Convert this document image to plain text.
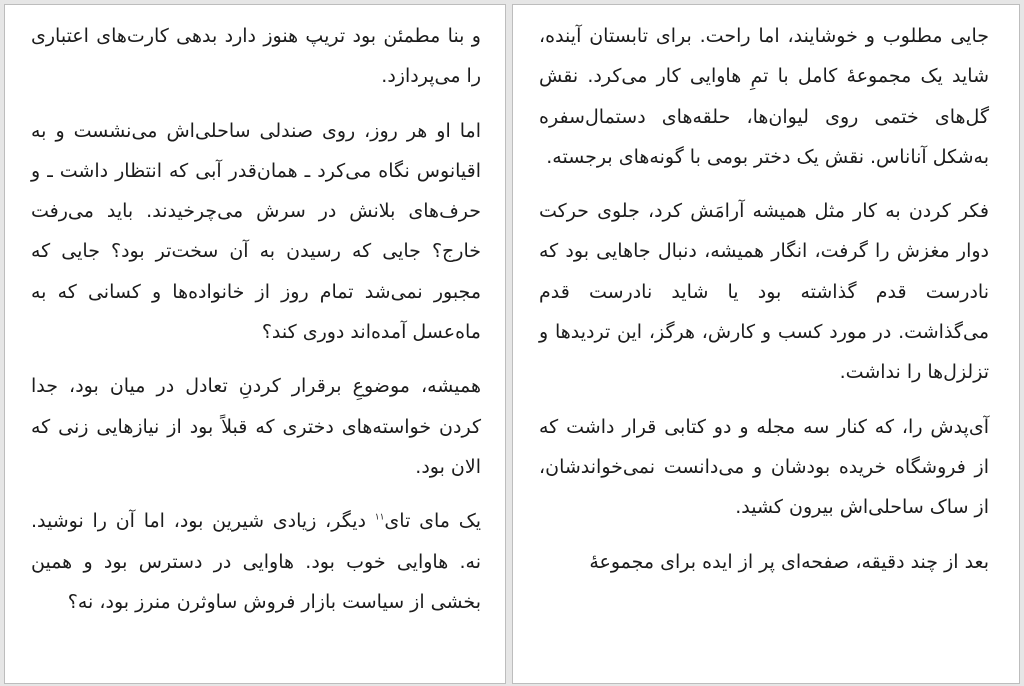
و بنا مطمئن بود تریپ هنوز دارد بدهی کارت‌های اعتباری را می‌پردازد.

اما او هر روز، روی صندلی ساحلی‌اش می‌نشست و به اقیانوس نگاه می‌کرد ـ همان‌قدر آبی که انتظار داشت ـ و حرف‌های بلانش در سرش می‌چرخیدند. باید می‌رفت خارج؟ جایی که رسیدن به آن سخت‌تر بود؟ جایی که مجبور نمی‌شد تمام روز از خانواده‌ها و کسانی که به ماه‌عسل آمده‌اند دوری کند؟

همیشه، موضوعِ برقرار کردنِ تعادل در میان بود، جدا کردن خواسته‌های دختری که قبلاً بود از نیازهایی زنی که الان بود.

یک مای تای$^{۱۱}$ دیگر، زیادی شیرین بود، اما آن را نوشید. نه. هاوایی خوب بود. هاوایی در دسترس بود و همین بخشی از سیاست بازار فروش ساوثرن منرز بود، نه؟

جایی مطلوب و خوشایند، اما راحت. برای تابستان آینده، شاید یک مجموعهٔ کامل با تمِ هاوایی کار می‌کرد. نقش گل‌های ختمی روی لیوان‌ها، حلقه‌های دستمال‌سفره به‌شکل آناناس. نقش یک دختر بومی با گونه‌های برجسته.

فکر کردن به کار مثل همیشه آرامَش کرد، جلوی حرکت دوار مغزش را گرفت، انگار همیشه، دنبال جاهایی بود که نادرست قدم گذاشته بود یا شاید نادرست قدم می‌گذاشت. در مورد کسب و کارش، هرگز، این تردیدها و تزلزل‌ها را نداشت.

آی‌پدش را، که کنار سه مجله و دو کتابی قرار داشت که از فروشگاه خریده بودشان و می‌دانست نمی‌خواندشان، از ساک ساحلی‌اش بیرون کشید.

بعد از چند دقیقه، صفحه‌ای پر از ایده برای مجموعهٔ
